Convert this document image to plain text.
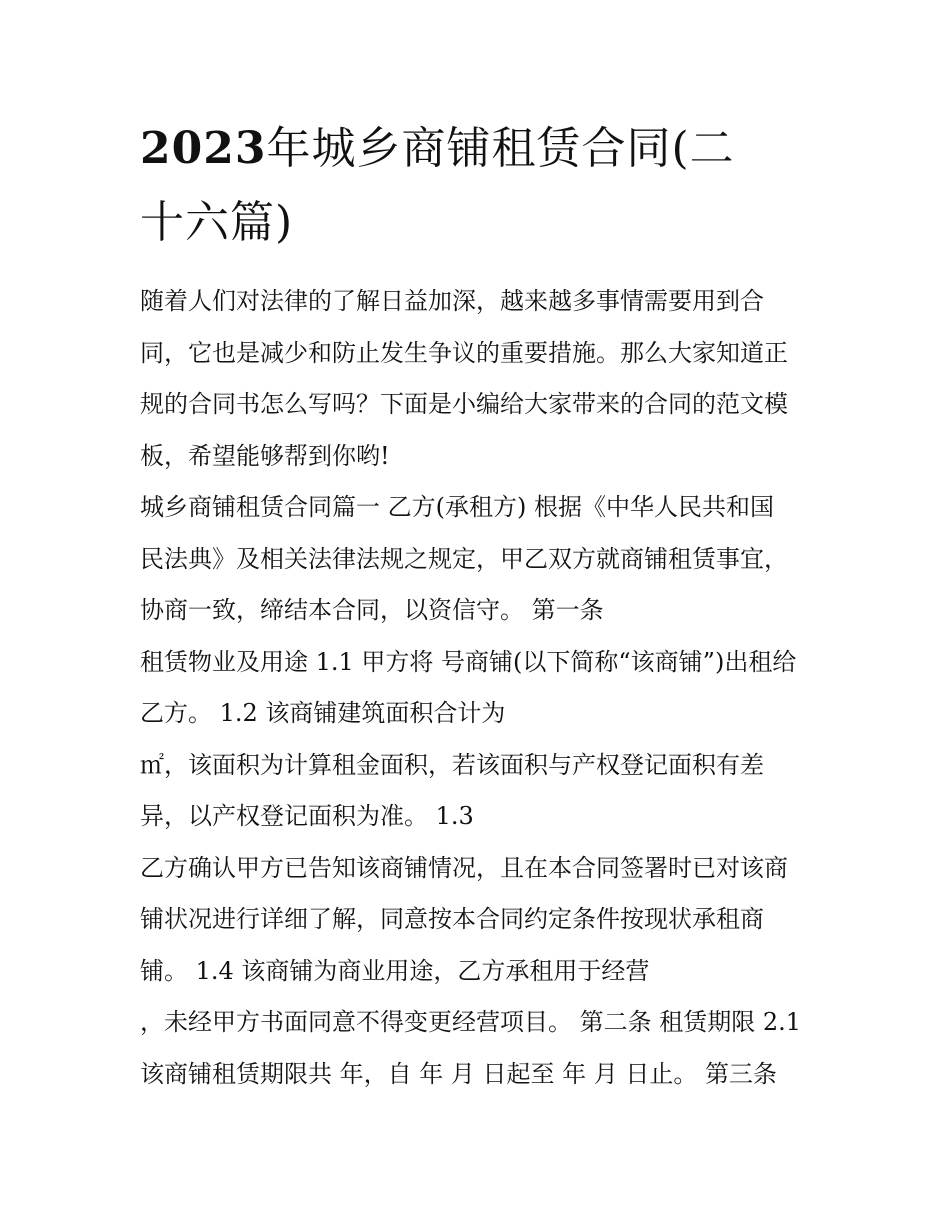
2023年城乡商铺租赁合同(二
十六篇)
随着人们对法律的了解日益加深，越来越多事情需要用到合
同，它也是减少和防止发生争议的重要措施。那么大家知道正
规的合同书怎么写吗？下面是小编给大家带来的合同的范文模
板，希望能够帮到你哟!
城乡商铺租赁合同篇一 乙方(承租方) 根据《中华人民共和国
民法典》及相关法律法规之规定，甲乙双方就商铺租赁事宜，
协商一致，缔结本合同，以资信守。 第一条
租赁物业及用途 1.1 甲方将 号商铺(以下简称“该商铺”)出租给
乙方。 1.2 该商铺建筑面积合计为
㎡，该面积为计算租金面积，若该面积与产权登记面积有差
异，以产权登记面积为准。 1.3
乙方确认甲方已告知该商铺情况，且在本合同签署时已对该商
铺状况进行详细了解，同意按本合同约定条件按现状承租商
铺。 1.4 该商铺为商业用途，乙方承租用于经营
，未经甲方书面同意不得变更经营项目。 第二条 租赁期限 2.1
该商铺租赁期限共 年，自 年 月 日起至 年 月 日止。 第三条
